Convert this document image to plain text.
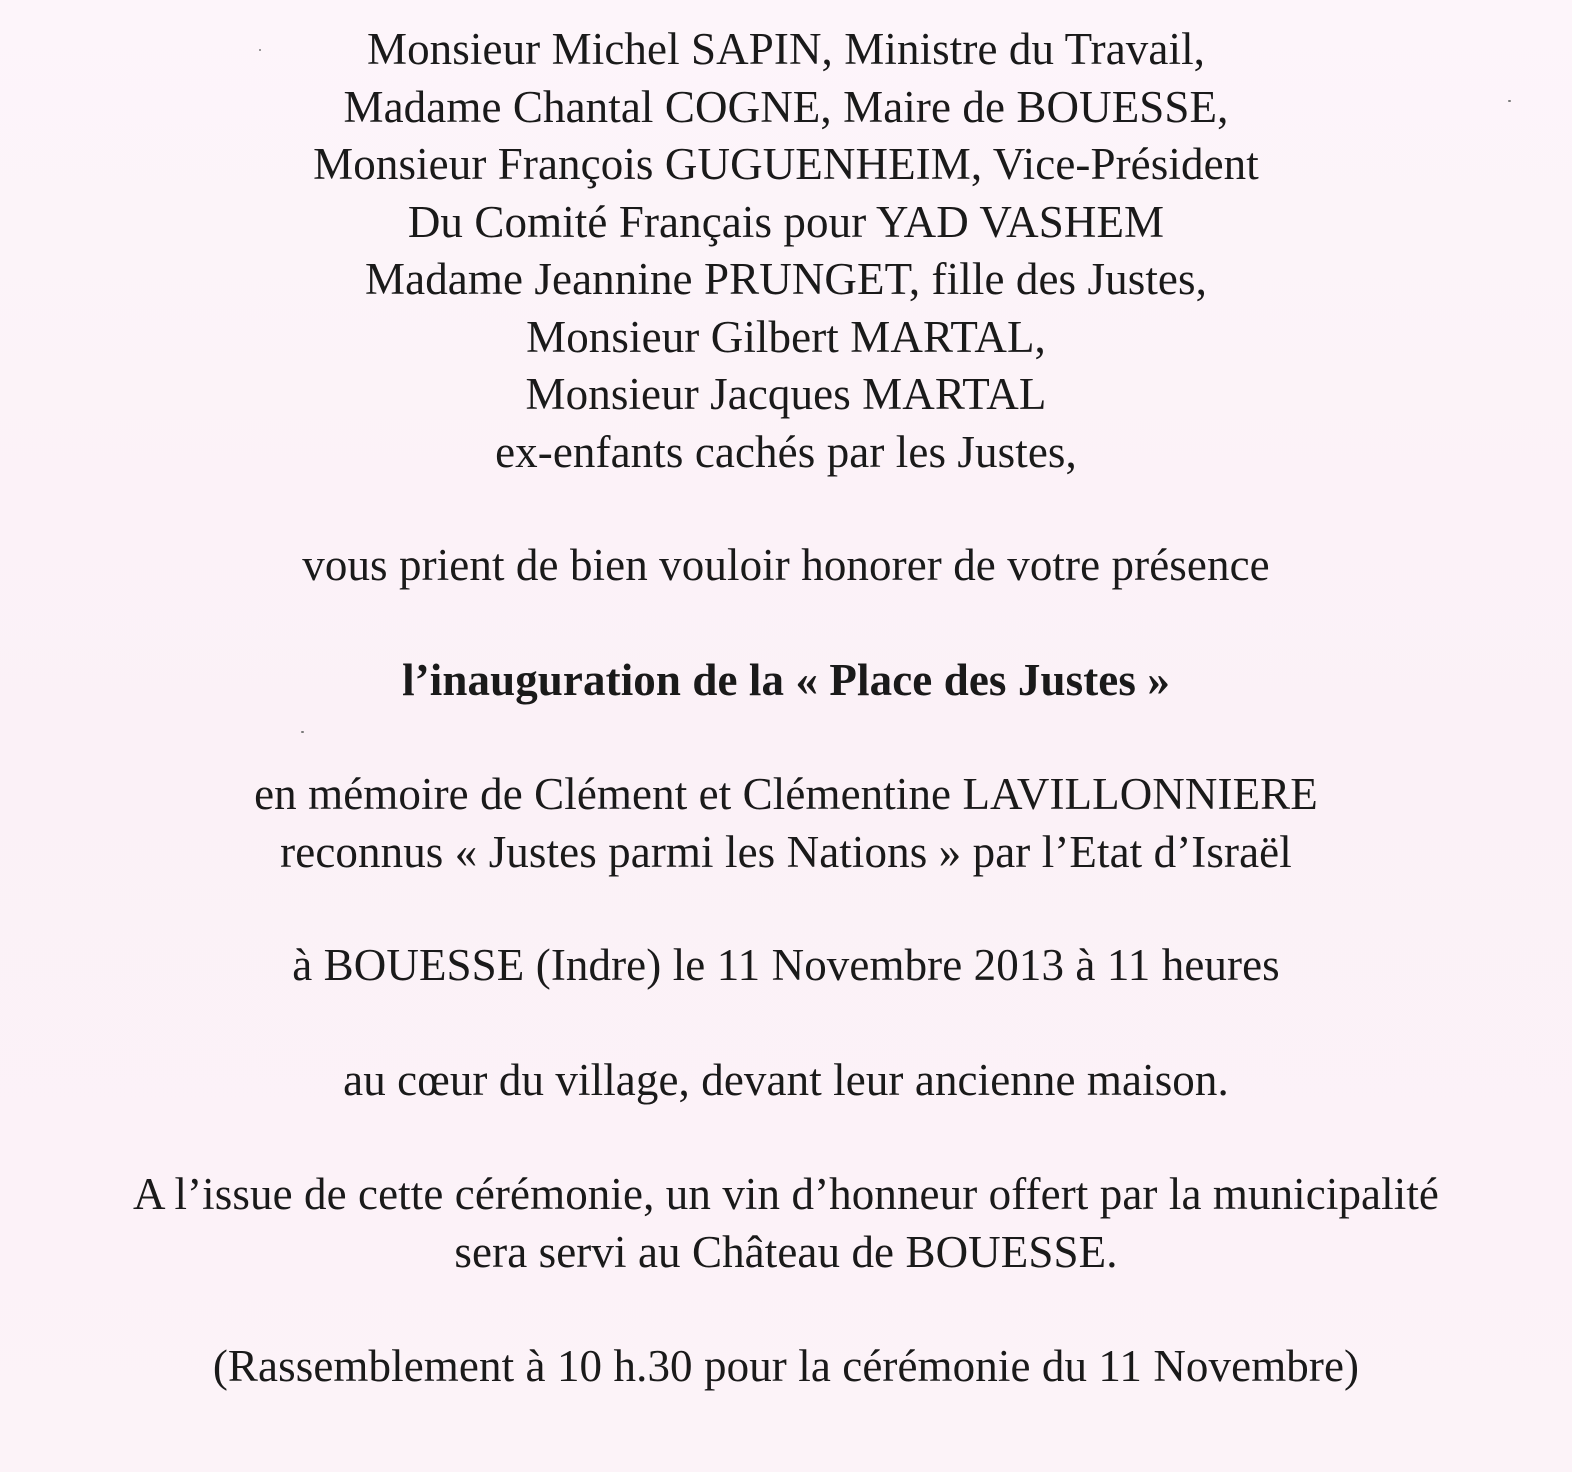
Monsieur Michel SAPIN, Ministre du Travail,
Madame Chantal COGNE, Maire de BOUESSE,
Monsieur François GUGUENHEIM, Vice-Président
Du Comité Français pour YAD VASHEM
Madame Jeannine PRUNGET, fille des Justes,
Monsieur Gilbert MARTAL,
Monsieur Jacques MARTAL
ex-enfants cachés par les Justes,
vous prient de bien vouloir honorer de votre présence
l’inauguration de la « Place des Justes »
en mémoire de Clément et Clémentine LAVILLONNIERE
reconnus « Justes parmi les Nations » par l’Etat d’Israël
à BOUESSE (Indre) le 11 Novembre 2013 à 11 heures
au cœur du village, devant leur ancienne maison.
A l’issue de cette cérémonie, un vin d’honneur offert par la municipalité
sera servi au Château de BOUESSE.
(Rassemblement à 10 h.30 pour la cérémonie du 11 Novembre)
